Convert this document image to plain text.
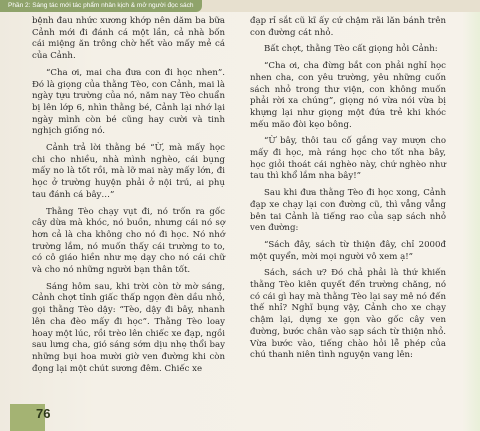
Phần 2: Sáng tác mới tác phẩm nhân kịch & mở người đọc sách

bệnh đau nhức xương khớp nên dăm ba bữa Cảnh mới đi đánh cá một lần, cả nhà bốn cái miệng ăn trông chờ hết vào mấy mẻ cá của Cảnh.

“Cha ơi, mai cha đưa con đi học nhen”. Đó là giọng của thằng Tèo, con Cảnh, mai là ngày tựu trường của nó, năm nay Tèo chuẩn bị lên lớp 6, nhìn thằng bé, Cảnh lại nhớ lại ngày mình còn bé cũng hay cười và tinh nghịch giống nó.

Cảnh trả lời thằng bé “Ừ, mà mấy học chi cho nhiều, nhà mình nghèo, cái bụng mấy no là tốt rồi, mà lỡ mai này mấy lớn, đi học ở trường huyện phải ở nội trú, ai phụ tau đánh cá bây…”

Thằng Tèo chạy vụt đi, nó trốn ra gốc cây dừa mà khóc, nó buồn, nhưng cái nó sợ hơn cả là cha không cho nó đi học. Nó nhớ trường lắm, nó muốn thấy cái trường to to, có cô giáo hiền như mẹ dạy cho nó cái chữ và cho nó những người bạn thân tốt.

Sáng hôm sau, khi trời còn tờ mờ sáng, Cảnh chợt tỉnh giấc thấp ngọn đèn dầu nhỏ, gọi thằng Tèo dậy: “Tèo, dậy đi bây, nhanh lên cha đèo mấy đi học”. Thằng Tèo loay hoay một lúc, rồi trèo lên chiếc xe đạp, ngồi sau lưng cha, gió sáng sớm dịu nhẹ thổi bay những bụi hoa mười giờ ven đường khi còn đọng lại một chút sương đêm. Chiếc xe

đạp rỉ sắt cũ kĩ ấy cứ chậm rãi lăn bánh trên con đường cát nhỏ.

Bất chợt, thằng Tèo cất giọng hỏi Cảnh:

“Cha ơi, cha đừng bắt con phải nghỉ học nhen cha, con yêu trường, yêu những cuốn sách nhỏ trong thư viện, con không muốn phải rời xa chúng”, giọng nó vừa nói vừa bị khựng lại như giọng một đứa trẻ khi khóc mếu mão đòi kẹo bông.

“Ừ bây, thôi tau cố gắng vay mượn cho mấy đi học, mà ráng học cho tốt nha bây, học giỏi thoát cái nghèo này, chứ nghèo như tau thì khổ lắm nha bây!”

Sau khi đưa thằng Tèo đi học xong, Cảnh đạp xe chạy lại con đường cũ, thì vẳng vẳng bên tai Cảnh là tiếng rao của sạp sách nhỏ ven đường:

“Sách đây, sách từ thiện đây, chỉ 2000đ một quyển, mời mọi người vô xem ạ!”

Sách, sách ư? Đó chả phải là thứ khiến thằng Tèo kiên quyết đến trường chăng, nó có cái gì hay mà thằng Tèo lại say mê nó đến thế nhỉ? Nghĩ bụng vậy, Cảnh cho xe chạy chậm lại, dựng xe gọn vào gốc cây ven đường, bước chân vào sạp sách từ thiện nhỏ. Vừa bước vào, tiếng chào hỏi lễ phép của chú thanh niên tình nguyện vang lên:

76
